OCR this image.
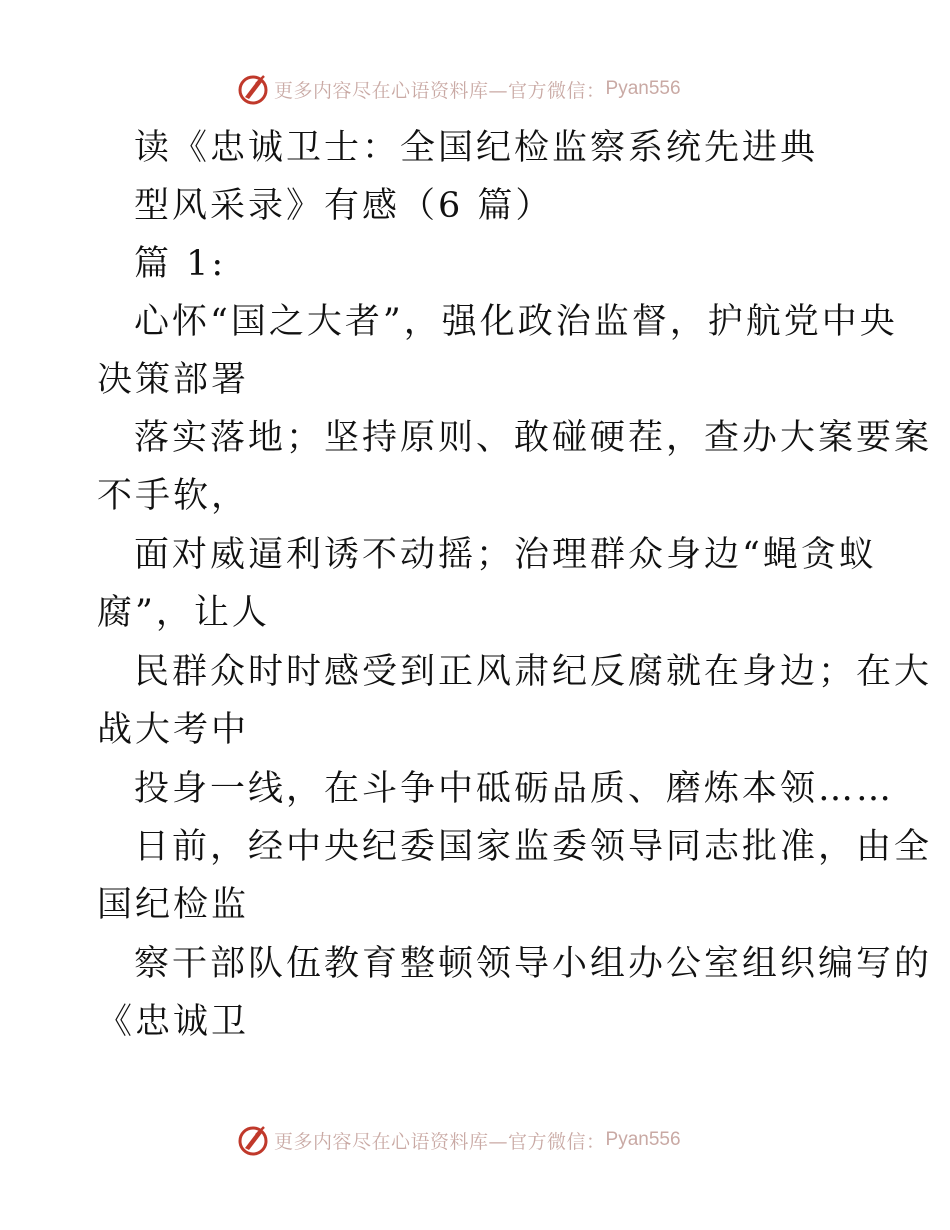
更多内容尽在心语资料库—官方微信： Pyan556
读《忠诚卫士：全国纪检监察系统先进典
型风采录》有感（6 篇）
篇 1:
心怀“国之大者”，强化政治监督，护航党中央
决策部署
落实落地；坚持原则、敢碰硬茬，查办大案要案
不手软，
面对威逼利诱不动摇；治理群众身边“蝇贪蚁
腐”，让人
民群众时时感受到正风肃纪反腐就在身边；在大
战大考中
投身一线，在斗争中砥砺品质、磨炼本领……
日前，经中央纪委国家监委领导同志批准，由全
国纪检监
察干部队伍教育整顿领导小组办公室组织编写的
《忠诚卫
更多内容尽在心语资料库—官方微信： Pyan556
